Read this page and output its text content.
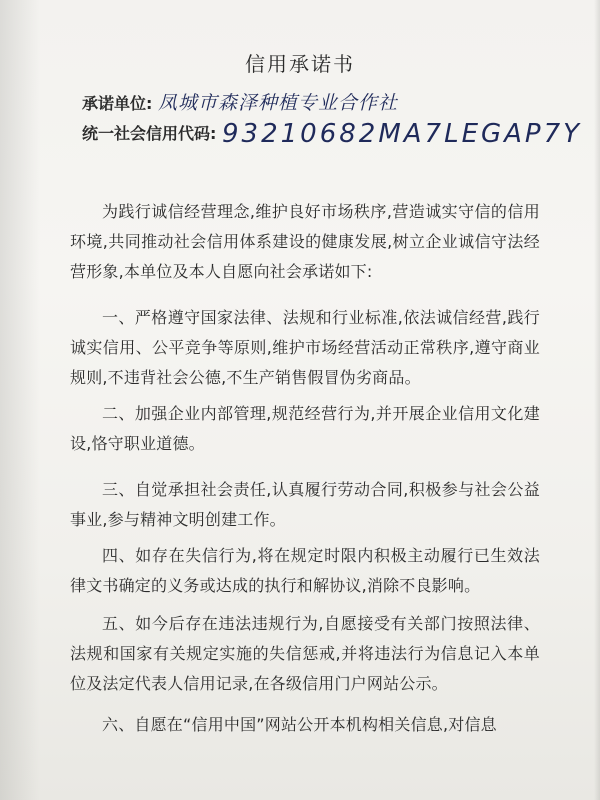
信用承诺书
承诺单位: 凤城市森泽种植专业合作社
统一社会信用代码: 93210682MA7LEGAP7Y
为践行诚信经营理念,维护良好市场秩序,营造诚实守信的信用环境,共同推动社会信用体系建设的健康发展,树立企业诚信守法经营形象,本单位及本人自愿向社会承诺如下:
一、严格遵守国家法律、法规和行业标准,依法诚信经营,践行诚实信用、公平竞争等原则,维护市场经营活动正常秩序,遵守商业规则,不违背社会公德,不生产销售假冒伪劣商品。
二、加强企业内部管理,规范经营行为,并开展企业信用文化建设,恪守职业道德。
三、自觉承担社会责任,认真履行劳动合同,积极参与社会公益事业,参与精神文明创建工作。
四、如存在失信行为,将在规定时限内积极主动履行已生效法律文书确定的义务或达成的执行和解协议,消除不良影响。
五、如今后存在违法违规行为,自愿接受有关部门按照法律、法规和国家有关规定实施的失信惩戒,并将违法行为信息记入本单位及法定代表人信用记录,在各级信用门户网站公示。
六、自愿在“信用中国”网站公开本机构相关信息,对信息
